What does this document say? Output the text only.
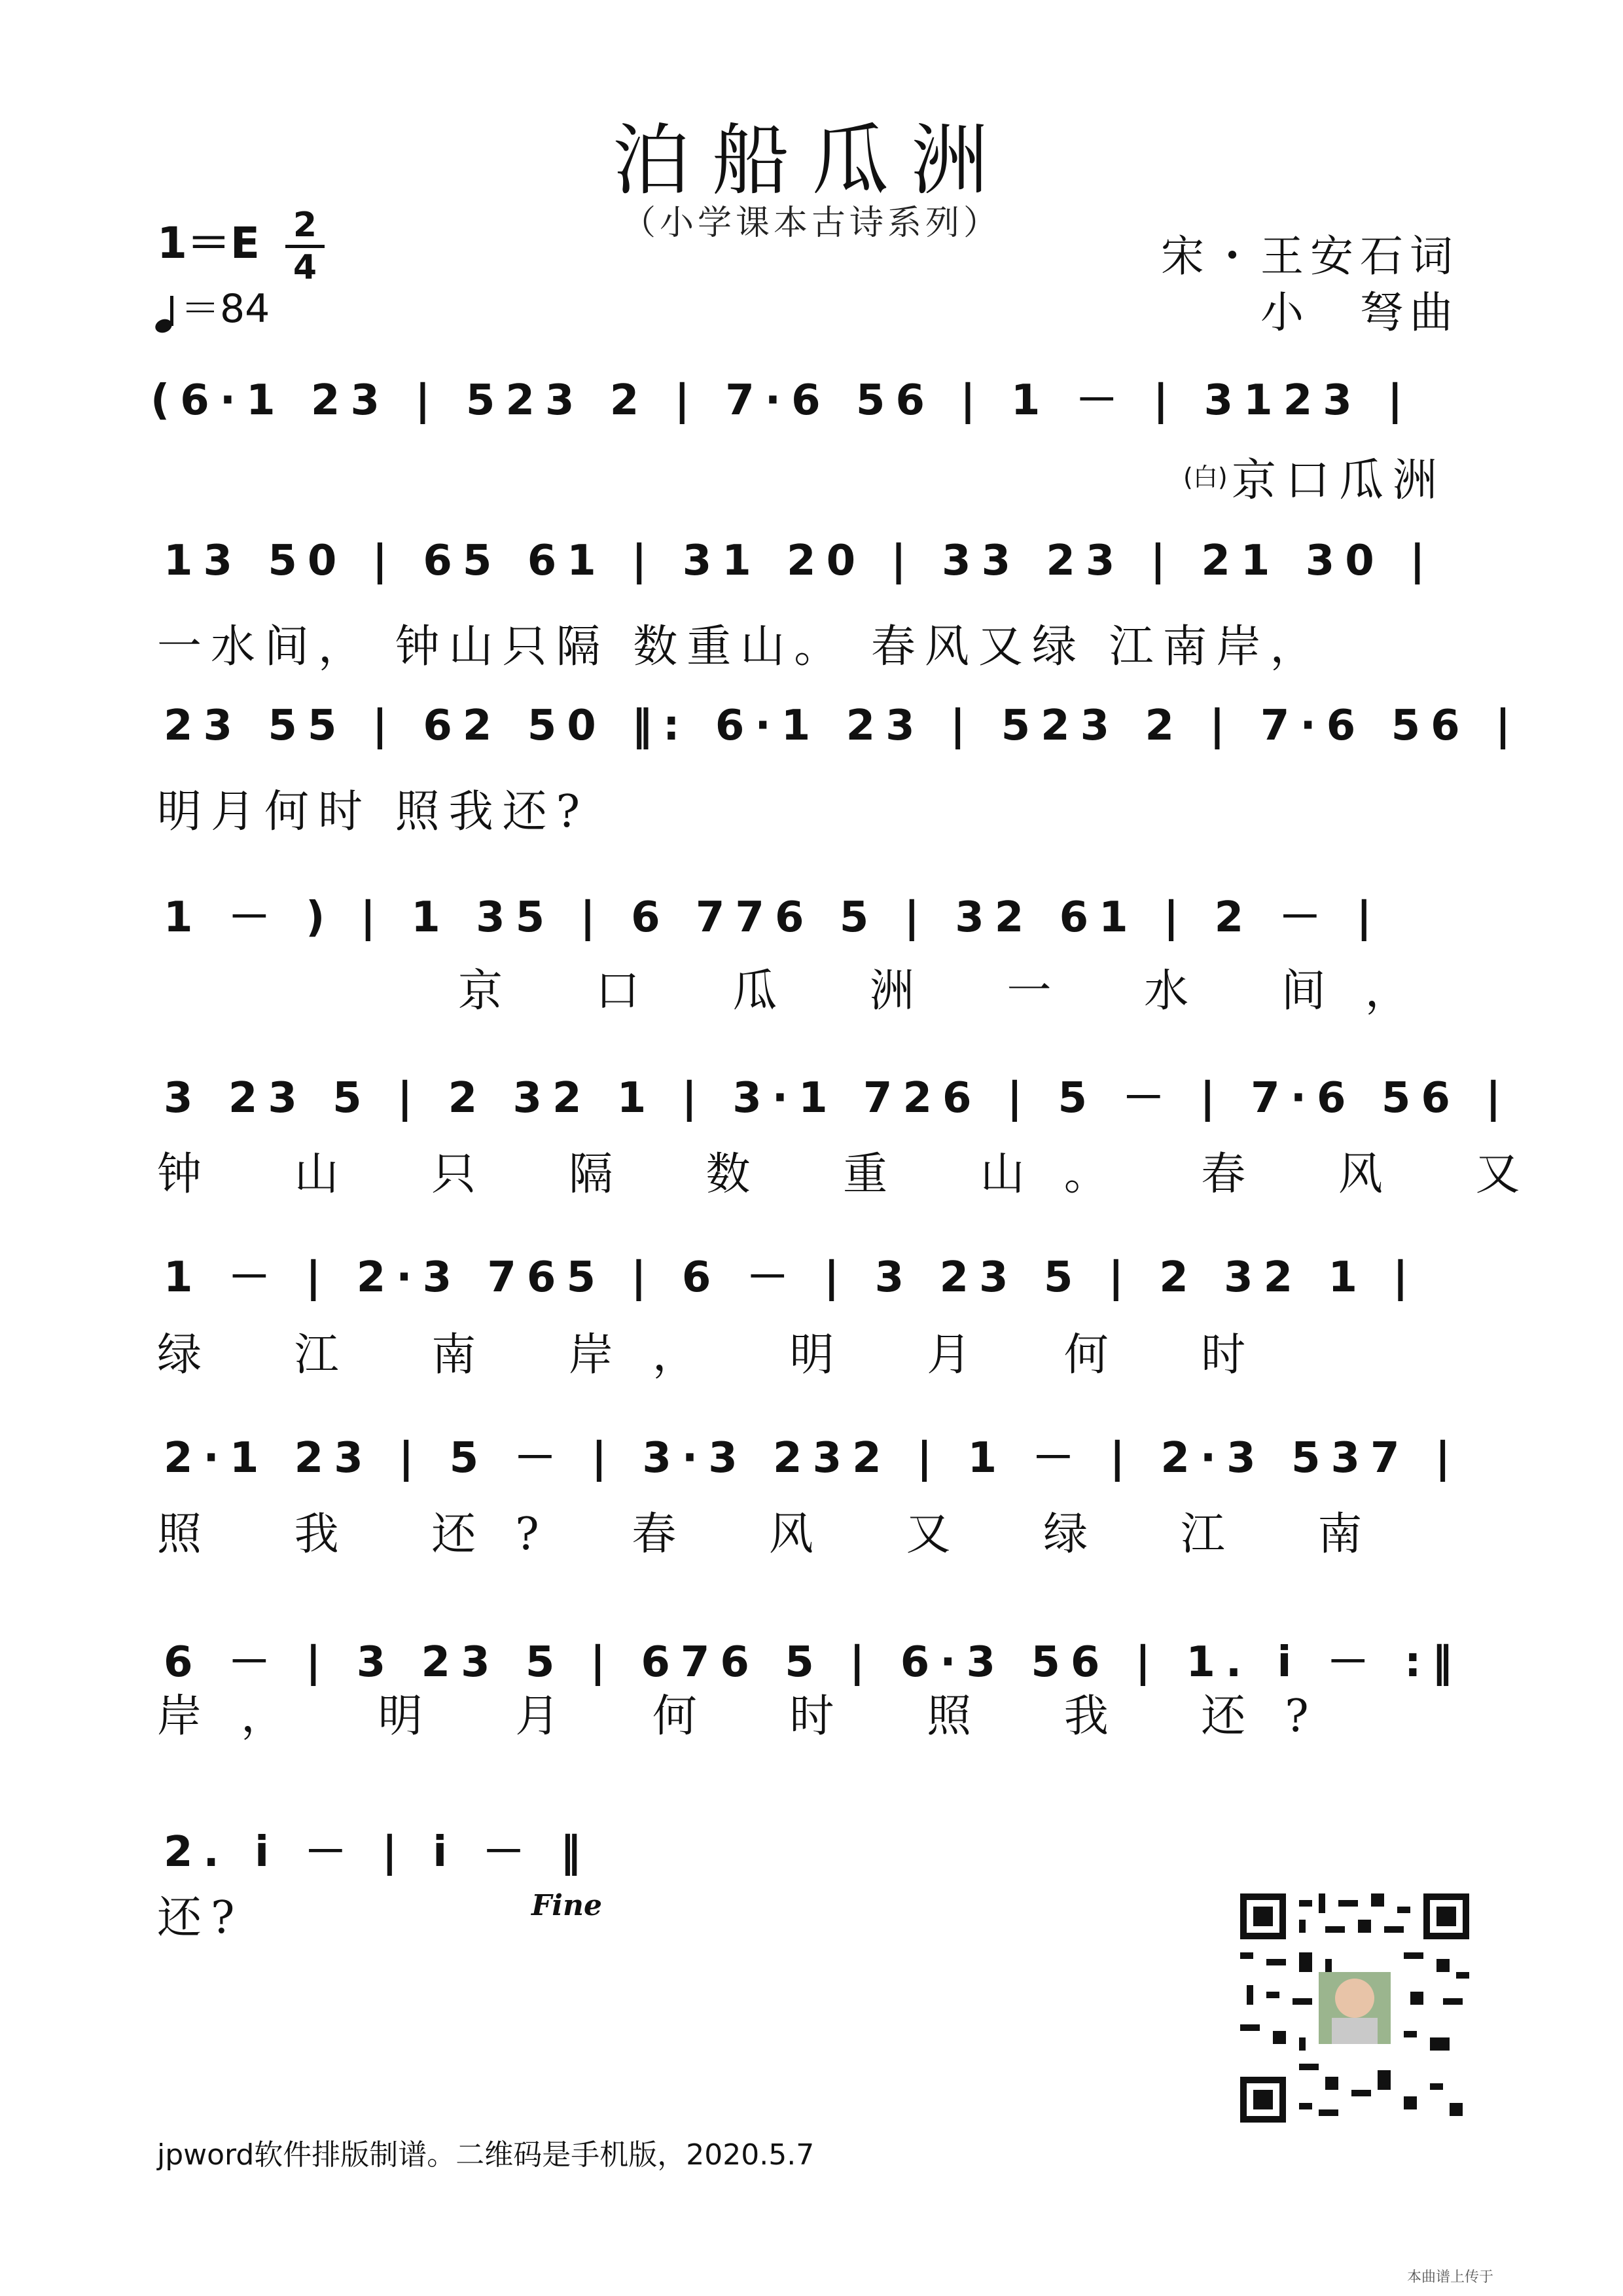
泊船瓜洲
（小学课本古诗系列）
1＝E 2
4
＝84
宋・王安石词
小　弩曲
(6·1 23 | 523 2 | 7·6 56 | 1 － | 3123 |
(白) 京口瓜洲
13 50 | 65 61 | 31 20 | 33 23 | 21 30 |
一水间， 钟山只隔 数重山。 春风又绿 江南岸，
23 55 | 62 50 ‖: 6·1 23 | 523 2 | 7·6 56 |
明月何时 照我还?
1 － ) | 1 35 | 6 776 5 | 32 61 | 2 － |
京 口 瓜 洲 一 水 间，
3 23 5 | 2 32 1 | 3·1 726 | 5 － | 7·6 56 |
钟 山 只 隔 数 重 山。 春 风 又
1 － | 2·3 765 | 6 － | 3 23 5 | 2 32 1 |
绿 江 南 岸， 明 月 何 时
2·1 23 | 5 － | 3·3 232 | 1 － | 2·3 537 |
照 我 还? 春 风 又 绿 江 南
6 － | 3 23 5 | 676 5 | 6·3 56 | 1. i － :‖
岸， 明 月 何 时 照 我 还?
2. i － | i － ‖
还?	Fine
jpword软件排版制谱。二维码是手机版，2020.5.7
本曲谱上传于
